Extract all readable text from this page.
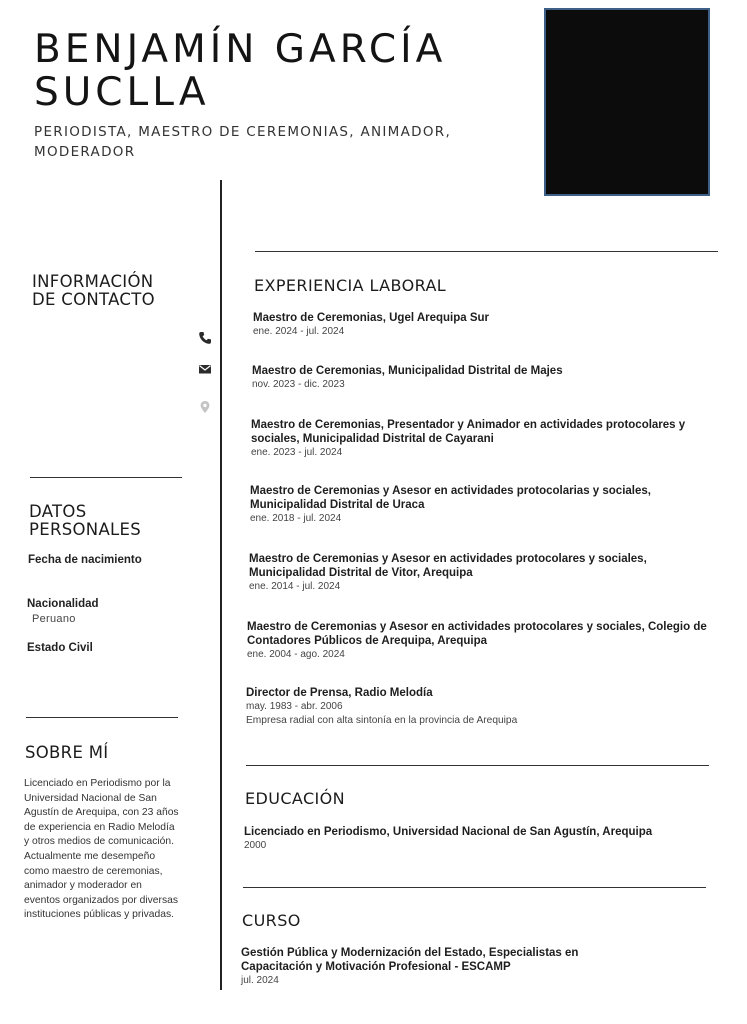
BENJAMÍN GARCÍA
SUCLLA

PERIODISTA, MAESTRO DE CEREMONIAS, ANIMADOR,
MODERADOR

INFORMACIÓN
DE CONTACTO
DATOS
PERSONALES
Fecha de nacimiento
Nacionalidad
Peruano
Estado Civil
SOBRE MÍ

Licenciado en Periodismo por la Universidad Nacional de San Agustín de Arequipa, con 23 años de experiencia en Radio Melodía y otros medios de comunicación. Actualmente me desempeño como maestro de ceremonias, animador y moderador en eventos organizados por diversas instituciones públicas y privadas.

EXPERIENCIA LABORAL

Maestro de Ceremonias, Ugel Arequipa Sur

ene. 2024 - jul. 2024

Maestro de Ceremonias, Municipalidad Distrital de Majes

nov. 2023 - dic. 2023

Maestro de Ceremonias, Presentador y Animador en actividades protocolares y sociales, Municipalidad Distrital de Cayarani

ene. 2023 - jul. 2024

Maestro de Ceremonias y Asesor en actividades protocolarias y sociales, Municipalidad Distrital de Uraca

ene. 2018 - jul. 2024

Maestro de Ceremonias y Asesor en actividades protocolares y sociales, Municipalidad Distrital de Vitor, Arequipa

ene. 2014 - jul. 2024

Maestro de Ceremonias y Asesor en actividades protocolares y sociales, Colegio de Contadores Públicos de Arequipa, Arequipa

ene. 2004 - ago. 2024

Director de Prensa, Radio Melodía

may. 1983 - abr. 2006

Empresa radial con alta sintonía en la provincia de Arequipa

EDUCACIÓN

Licenciado en Periodismo, Universidad Nacional de San Agustín, Arequipa

2000

CURSO

Gestión Pública y Modernización del Estado, Especialistas en
Capacitación y Motivación Profesional - ESCAMP

jul. 2024
